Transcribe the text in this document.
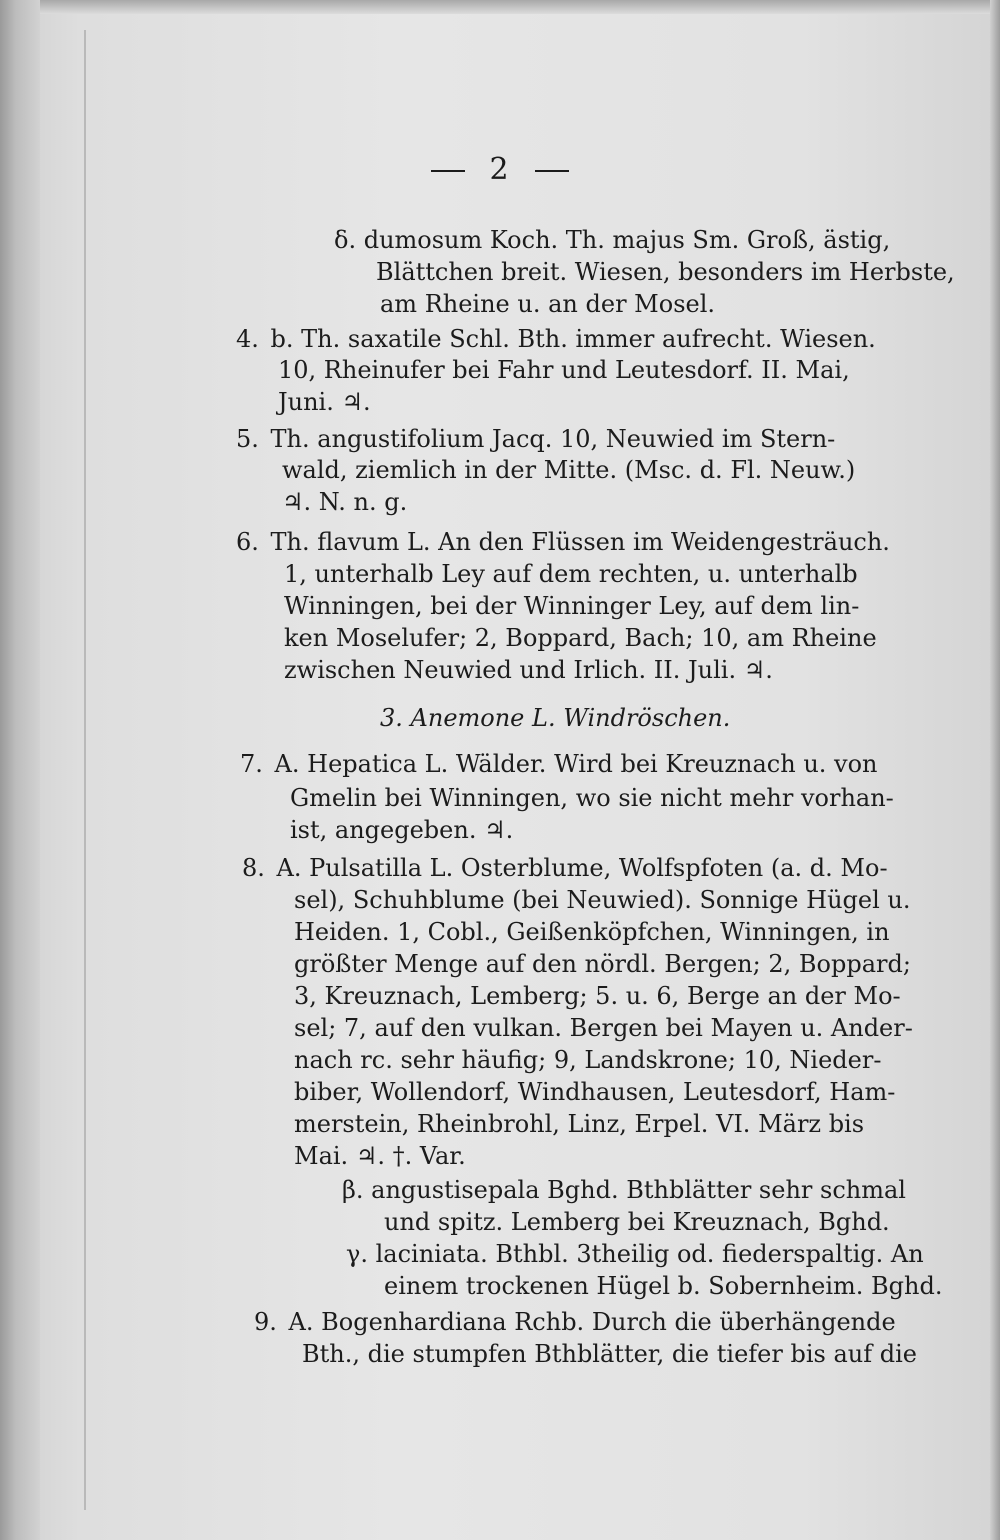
2
δ. dumosum Koch. Th. majus Sm. Groß, ästig,
Blättchen breit. Wiesen, besonders im Herbste,
am Rheine u. an der Mosel.
4. b. Th. saxatile Schl. Bth. immer aufrecht. Wiesen.
10, Rheinufer bei Fahr und Leutesdorf. II. Mai,
Juni. ♃.
5. Th. angustifolium Jacq. 10, Neuwied im Stern-
wald, ziemlich in der Mitte. (Msc. d. Fl. Neuw.)
♃. N. n. g.
6. Th. flavum L. An den Flüssen im Weidengesträuch.
1, unterhalb Ley auf dem rechten, u. unterhalb
Winningen, bei der Winninger Ley, auf dem lin-
ken Moselufer; 2, Boppard, Bach; 10, am Rheine
zwischen Neuwied und Irlich. II. Juli. ♃.
3. Anemone L. Windröschen.
7. A. Hepatica L. Wälder. Wird bei Kreuznach u. von
Gmelin bei Winningen, wo sie nicht mehr vorhan-
ist, angegeben. ♃.
8. A. Pulsatilla L. Osterblume, Wolfspfoten (a. d. Mo-
sel), Schuhblume (bei Neuwied). Sonnige Hügel u.
Heiden. 1, Cobl., Geißenköpfchen, Winningen, in
größter Menge auf den nördl. Bergen; 2, Boppard;
3, Kreuznach, Lemberg; 5. u. 6, Berge an der Mo-
sel; 7, auf den vulkan. Bergen bei Mayen u. Ander-
nach rc. sehr häufig; 9, Landskrone; 10, Nieder-
biber, Wollendorf, Windhausen, Leutesdorf, Ham-
merstein, Rheinbrohl, Linz, Erpel. VI. März bis
Mai. ♃. †. Var.
β. angustisepala Bghd. Bthblätter sehr schmal
und spitz. Lemberg bei Kreuznach, Bghd.
γ. laciniata. Bthbl. 3theilig od. fiederspaltig. An
einem trockenen Hügel b. Sobernheim. Bghd.
9. A. Bogenhardiana Rchb. Durch die überhängende
Bth., die stumpfen Bthblätter, die tiefer bis auf die
